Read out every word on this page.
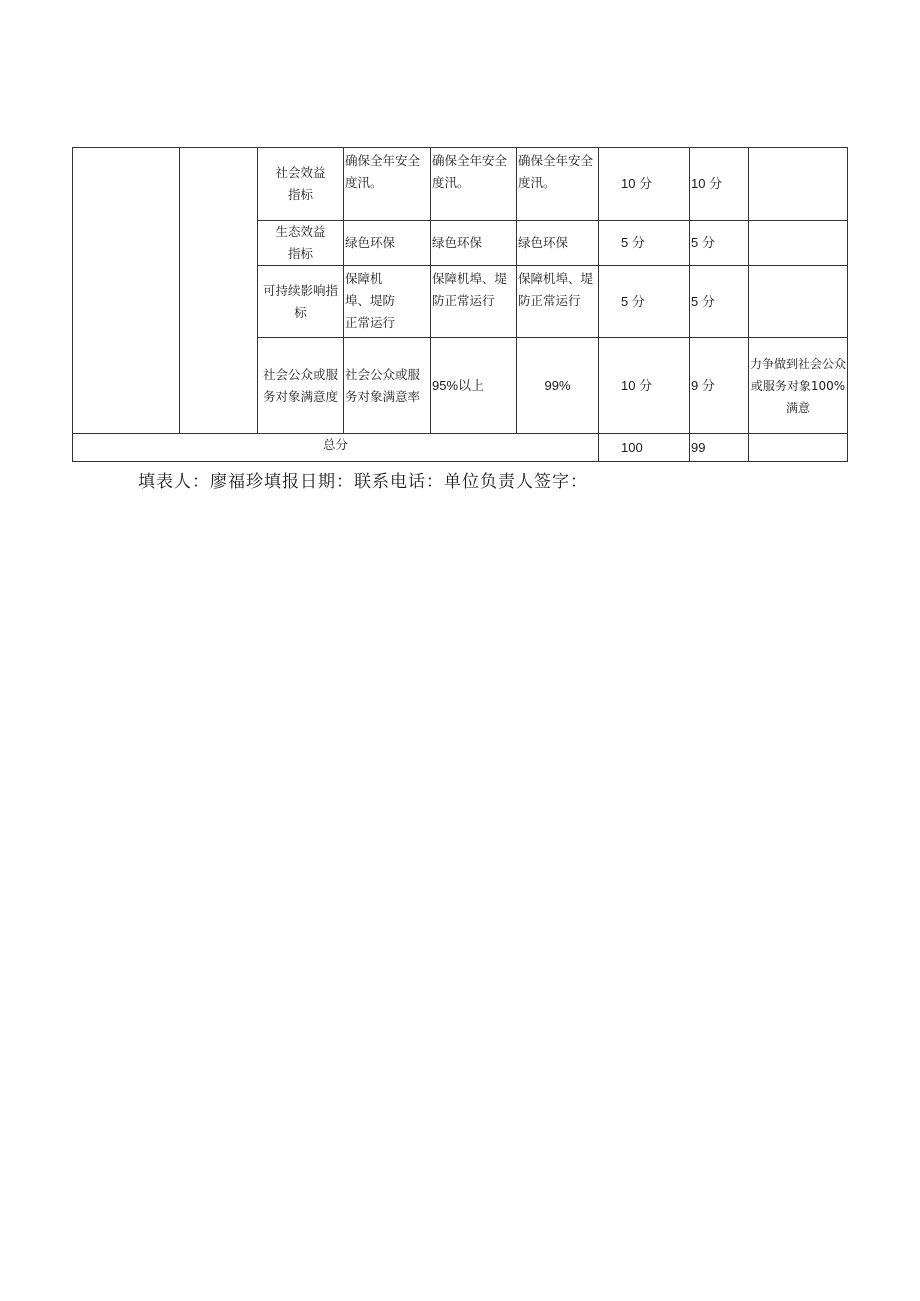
		社会效益指标	确保全年安全度汛。	确保全年安全度汛。	确保全年安全度汛。	10 分	10 分	
		生态效益指标	绿色环保	绿色环保	绿色环保	5 分	5 分	
		可持续影响指标	保障机埠、堤防正常运行	保障机埠、堤防正常运行	保障机埠、堤防正常运行	5 分	5 分	
		社会公众或服务对象满意度	社会公众或服务对象满意率	95%以上	99%	10 分	9 分	力争做到社会公众或服务对象100%满意
总分						100	99	
填表人：廖福珍填报日期：联系电话：单位负责人签字：
